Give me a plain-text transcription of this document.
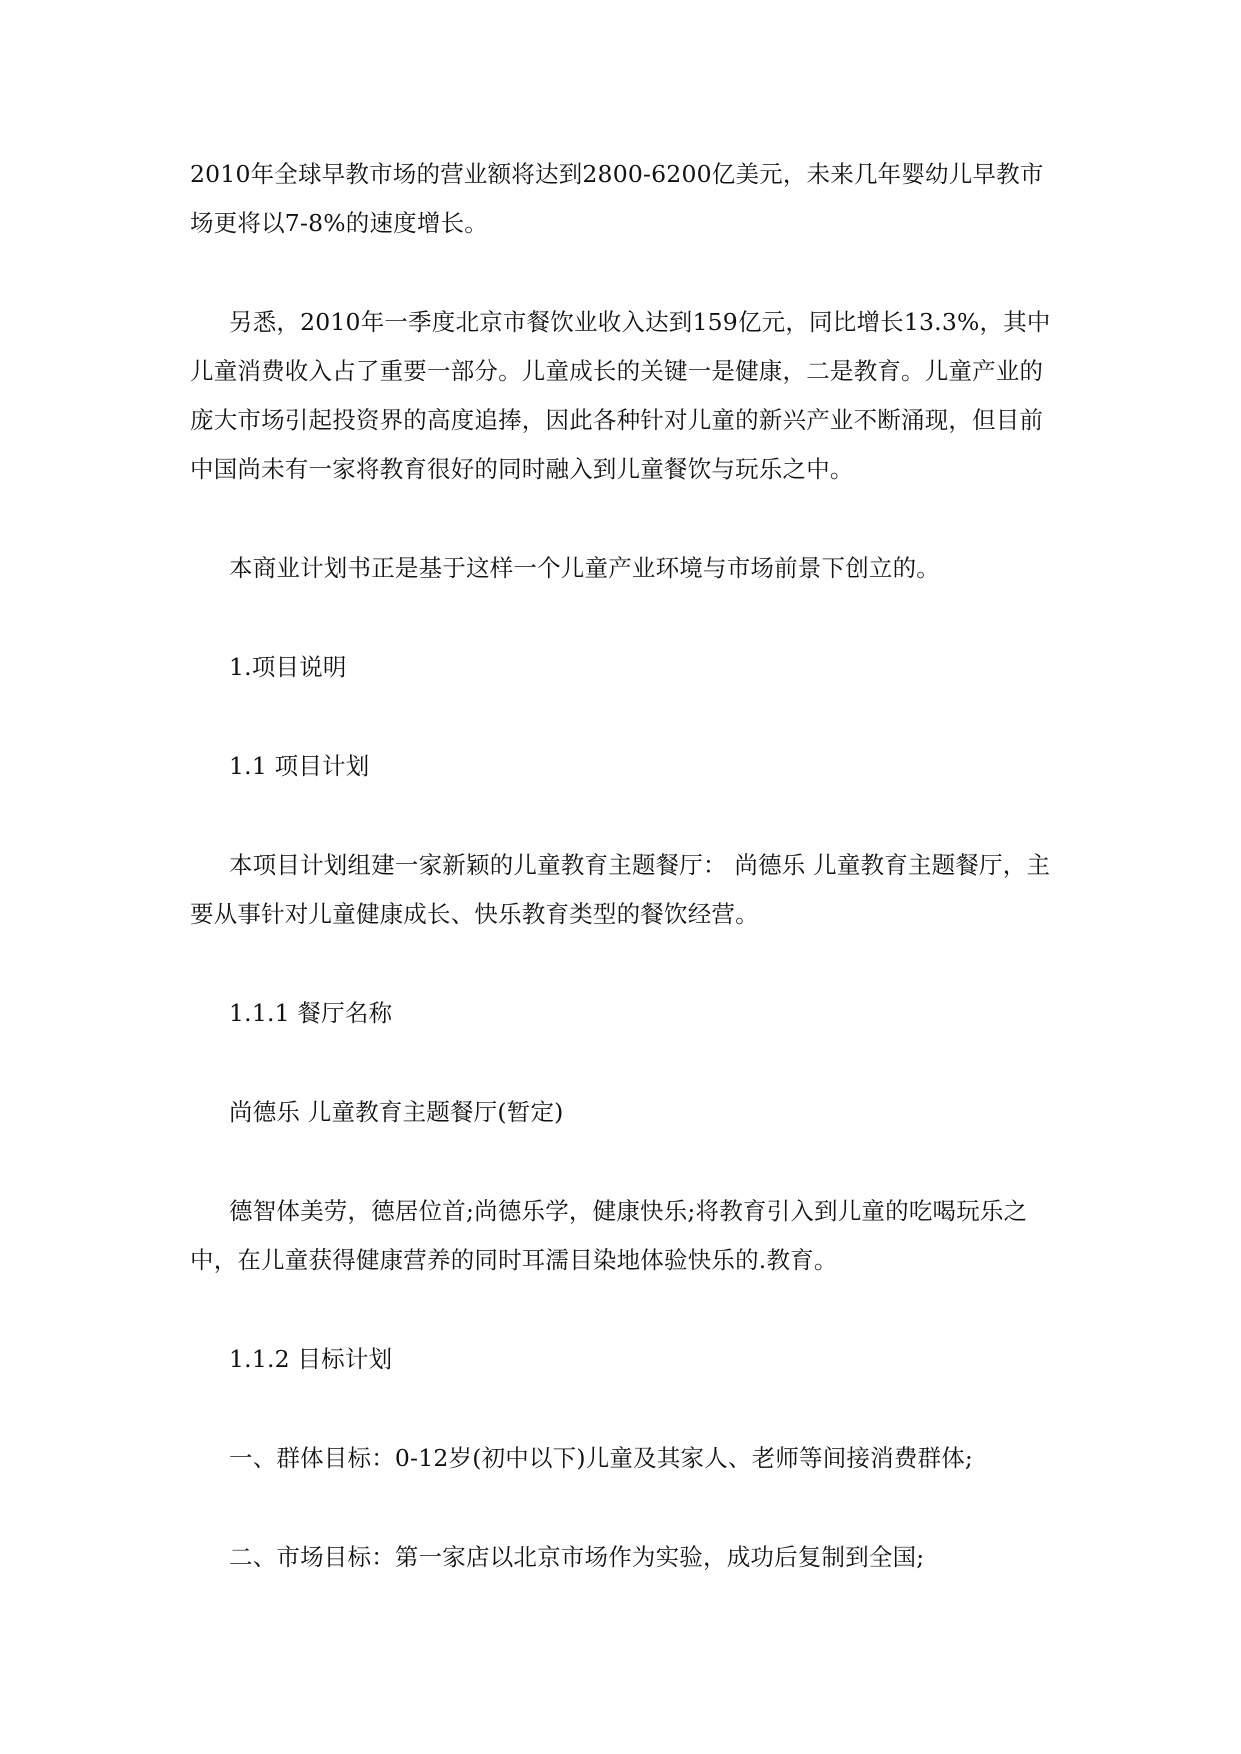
2010年全球早教市场的营业额将达到2800-6200亿美元，未来几年婴幼儿早教市场更将以7-8%的速度增长。

另悉，2010年一季度北京市餐饮业收入达到159亿元，同比增长13.3%，其中儿童消费收入占了重要一部分。儿童成长的关键一是健康，二是教育。儿童产业的庞大市场引起投资界的高度追捧，因此各种针对儿童的新兴产业不断涌现，但目前中国尚未有一家将教育很好的同时融入到儿童餐饮与玩乐之中。

本商业计划书正是基于这样一个儿童产业环境与市场前景下创立的。

1.项目说明

1.1 项目计划

本项目计划组建一家新颖的儿童教育主题餐厅： 尚德乐 儿童教育主题餐厅，主要从事针对儿童健康成长、快乐教育类型的餐饮经营。

1.1.1 餐厅名称

尚德乐 儿童教育主题餐厅(暂定)

德智体美劳，德居位首;尚德乐学，健康快乐;将教育引入到儿童的吃喝玩乐之中，在儿童获得健康营养的同时耳濡目染地体验快乐的.教育。

1.1.2 目标计划

一、群体目标：0-12岁(初中以下)儿童及其家人、老师等间接消费群体;

二、市场目标：第一家店以北京市场作为实验，成功后复制到全国;
